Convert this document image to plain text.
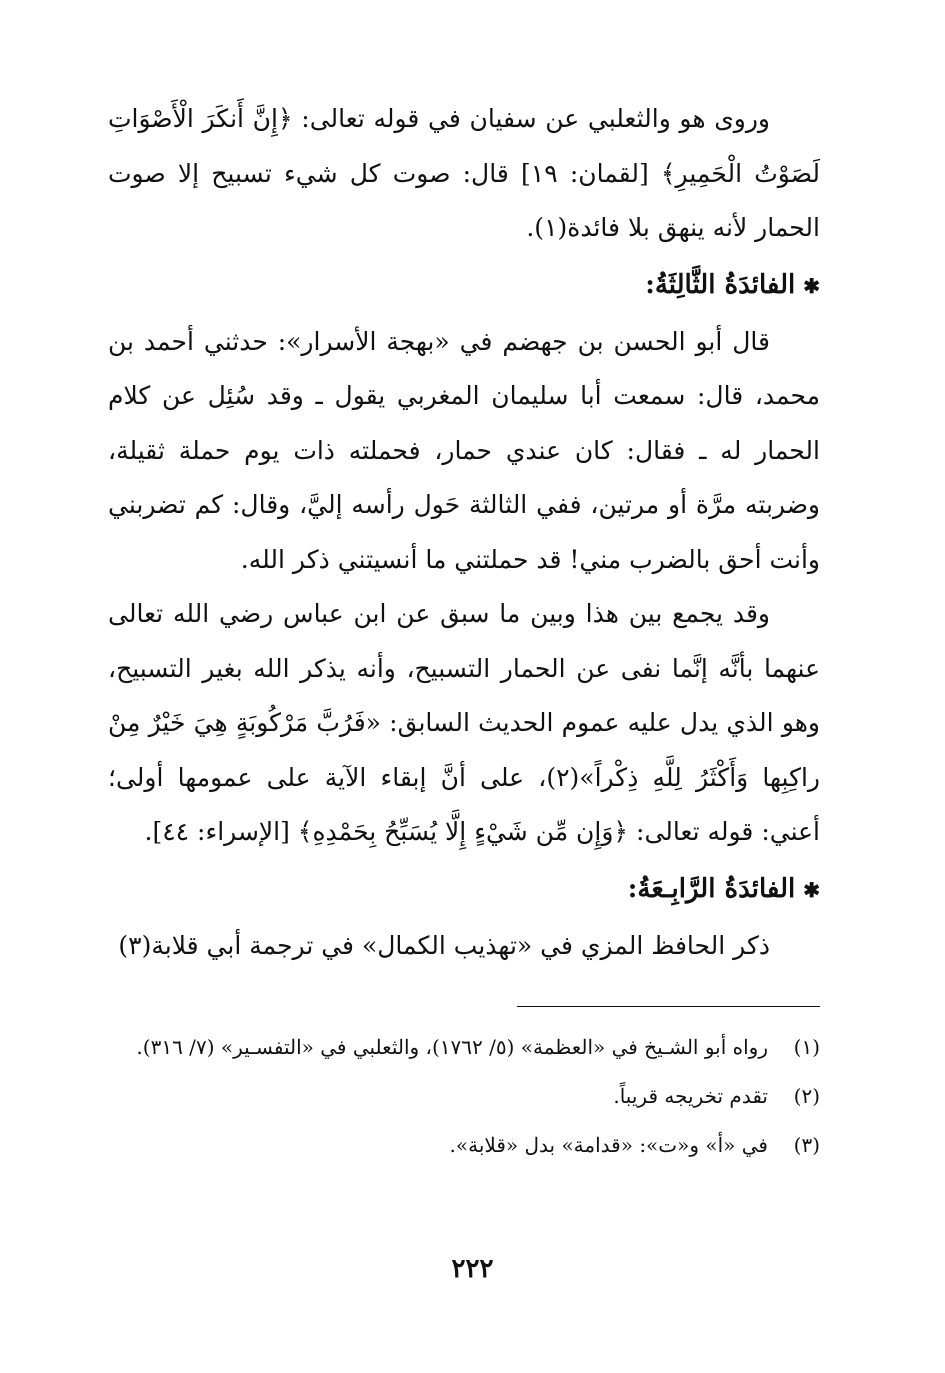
وروى هو والثعلبي عن سفيان في قوله تعالى: ﴿إِنَّ أَنكَرَ الْأَصْوَاتِ لَصَوْتُ الْحَمِيرِ﴾ [لقمان: ١٩] قال: صوت كل شيء تسبيح إلا صوت الحمار لأنه ينهق بلا فائدة(١).

✱الفائدَةُ الثَّالِثَةُ:

قال أبو الحسن بن جهضم في «بهجة الأسرار»: حدثني أحمد بن محمد، قال: سمعت أبا سليمان المغربي يقول ـ وقد سُئِل عن كلام الحمار له ـ فقال: كان عندي حمار، فحملته ذات يوم حملة ثقيلة، وضربته مرَّة أو مرتين، ففي الثالثة حَول رأسه إليَّ، وقال: كم تضربني وأنت أحق بالضرب مني! قد حملتني ما أنسيتني ذكر الله.

وقد يجمع بين هذا وبين ما سبق عن ابن عباس رضي الله تعالى عنهما بأنَّه إنَّما نفى عن الحمار التسبيح، وأنه يذكر الله بغير التسبيح، وهو الذي يدل عليه عموم الحديث السابق: «فَرُبَّ مَرْكُوبَةٍ هِيَ خَيْرٌ مِنْ راكِبِها وَأَكْثَرُ لِلَّهِ ذِكْراً»(٢)، على أنَّ إبقاء الآية على عمومها أولى؛ أعني: قوله تعالى: ﴿وَإِن مِّن شَيْءٍ إِلَّا يُسَبِّحُ بِحَمْدِهِ﴾ [الإسراء: ٤٤].

✱الفائدَةُ الرَّابِـعَةُ:

ذكر الحافظ المزي في «تهذيب الكمال» في ترجمة أبي قلابة(٣)

(١)
رواه أبو الشـيخ في «العظمة» (٥/ ١٧٦٢)، والثعلبي في «التفسـير» (٧/ ٣١٦).
(٢)
تقدم تخريجه قريباً.
(٣)
في «أ» و«ت»: «قدامة» بدل «قلابة».
٢٢٢
